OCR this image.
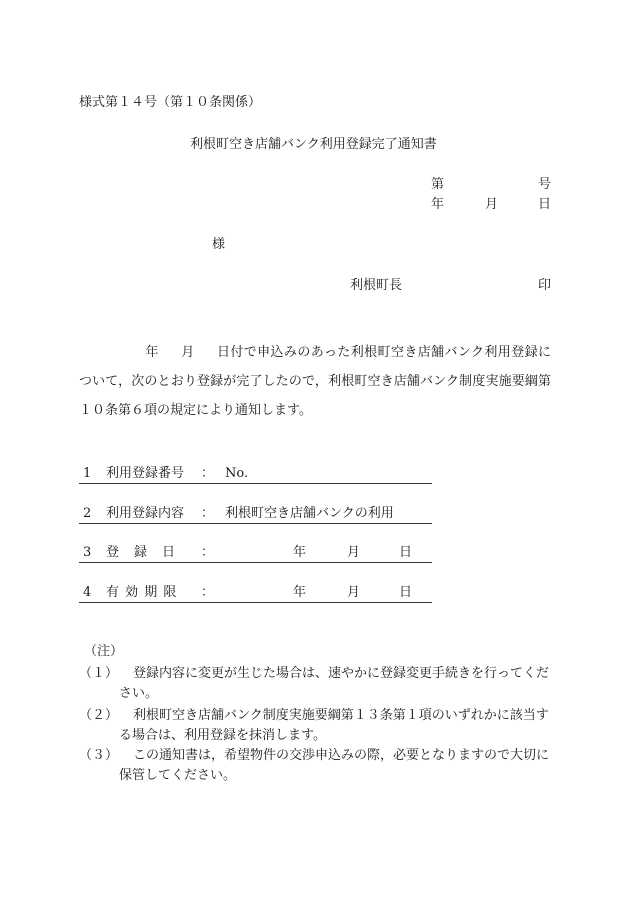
様式第１４号（第１０条関係）
利根町空き店舗バンク利用登録完了通知書
第	号
年	月	日
様
利根町長	印
年 月 日付で申込みのあった利根町空き店舗バンク利用登録について，次のとおり登録が完了したので，利根町空き店舗バンク制度実施要綱第１０条第６項の規定により通知します。
1 利用登録番号 ： No.
2 利用登録内容 ： 利根町空き店舗バンクの利用
3 登　録　日 ：	年	月	日
4 有 効 期 限 ：	年	月	日
（注）
（１）	登録内容に変更が生じた場合は、速やかに登録変更手続きを行ってください。
（２）	利根町空き店舗バンク制度実施要綱第１３条第１項のいずれかに該当する場合は、利用登録を抹消します。
（３）	この通知書は，希望物件の交渉申込みの際，必要となりますので大切に保管してください。
